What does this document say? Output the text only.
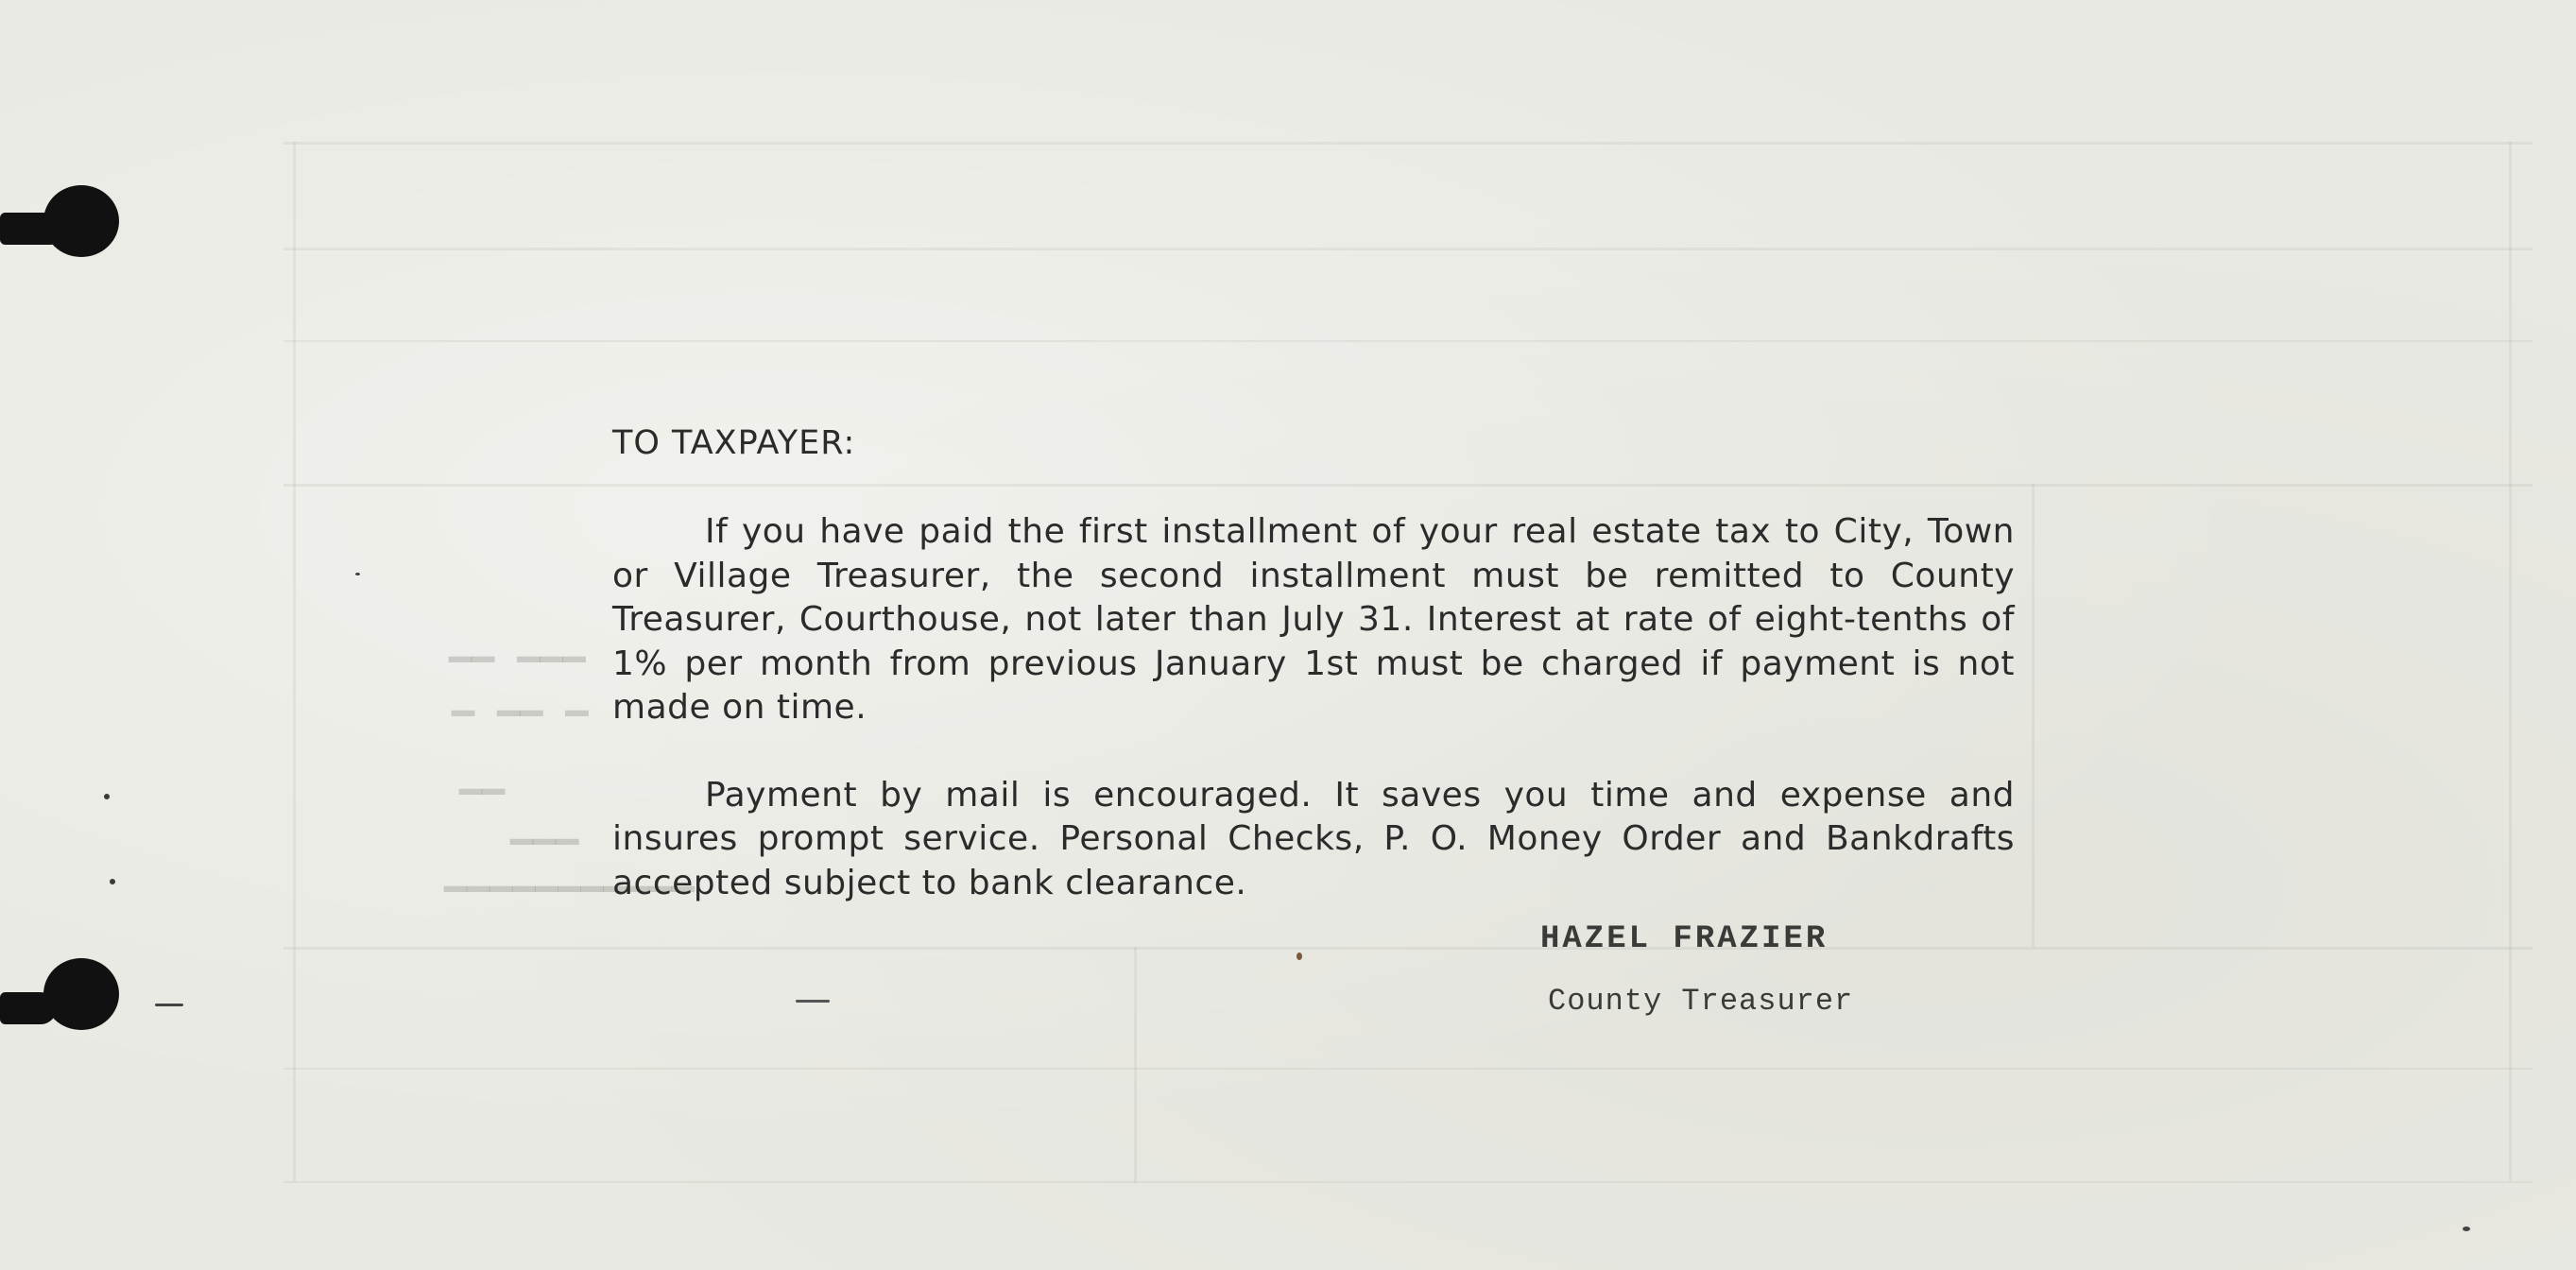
▁▁▁ ▁▁
▁ ▁▁ ▁
▁▁
▁▁▁
▁▁▁▁▁▁▁▁▁▁▁
TO TAXPAYER:

If you have paid the first installment of your real estate tax to City, Town or Village Treasurer, the second installment must be remitted to County Treasurer, Courthouse, not later than July 31. Interest at rate of eight-tenths of 1% per month from previous January 1st must be charged if payment is not made on time.

Payment by mail is encouraged. It saves you time and expense and insures prompt service. Personal Checks, P. O. Money Order and Bankdrafts accepted subject to bank clearance.

HAZEL FRAZIER

County Treasurer
